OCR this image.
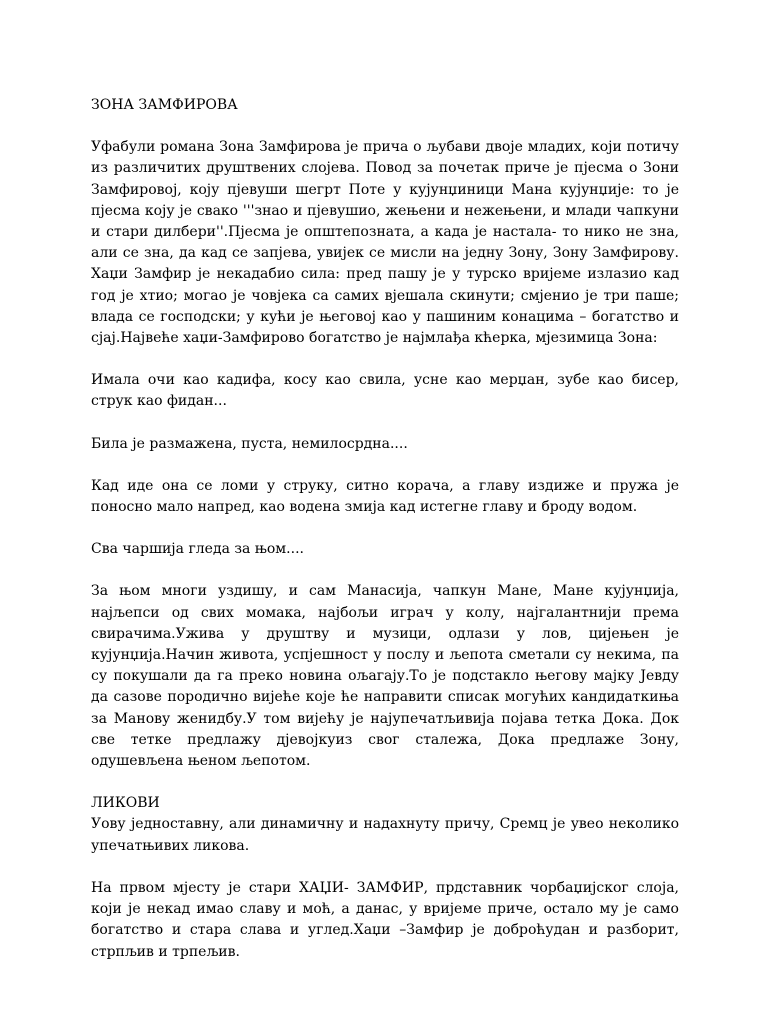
ЗОНА ЗАМФИРОВА

Уфабули романа Зона Замфирова је прича о љубави двоје младих, који потичу из различитих друштвених слојева. Повод за почетак приче је пјесма о Зони Замфировој, коју пјевуши шегрт Поте у кујунџиници Мана кујунџије: то је пјесма коју је свако '''знао и пјевушио, жењени и нежењени, и млади чапкуни и стари дилбери''.Пјесма је општепозната, а када је настала- то нико не зна, али се зна, да кад се запјева, увијек се мисли на једну Зону, Зону Замфирову. Хаџи Замфир је некадабио сила: пред пашу је у турско вријеме излазио кад год је хтио; могао је човјека са самих вјешала скинути; смјенио је три паше; влада се господски; у кући је његовој као у пашиним конацима – богатство и сјај.Највеће хаџи-Замфирово богатство је најмлађа кћерка, мјезимица Зона:

Имала очи као кадифа, косу као свила, усне као мерџан, зубе као бисер, струк као фидан...

Била је размажена, пуста, немилосрдна....

Кад иде она се ломи у струку, ситно корача, а главу издиже и пружа је поносно мало напред, као водена змија кад истегне главу и броду водом.

Сва чаршија гледа за њом....

За њом многи уздишу, и сам Манасија, чапкун Мане, Мане кујунџија, најљепси од свих момака, најбољи играч у колу, најгалантнији према свирачима.Ужива у друштву и музици, одлази у лов, цијењен је кујунџија.Начин живота, успјешност у послу и љепота сметали су некима, па су покушали да га преко новина ољагају.То је подстакло његову мајку Јевду да сазове породично вијеће које ће направити списак могућих кандидаткиња за Манову женидбу.У том вијећу је најупечатљивија појава тетка Дока. Док све тетке предлажу дјевојкуиз свог сталежа, Дока предлаже Зону, одушевљена њеном љепотом.

ЛИКОВИ

Уову једноставну, али динамичну и надахнуту причу, Сремц је увео неколико упечатњивих ликова.

На првом мјесту је стари ХАЏИ- ЗАМФИР, прдставник чорбаџијског слоја, који је некад имао славу и моћ, а данас, у вријеме приче, остало му је само богатство и стара слава и углед.Хаџи –Замфир је доброћудан и разборит, стрпљив и трпељив.
